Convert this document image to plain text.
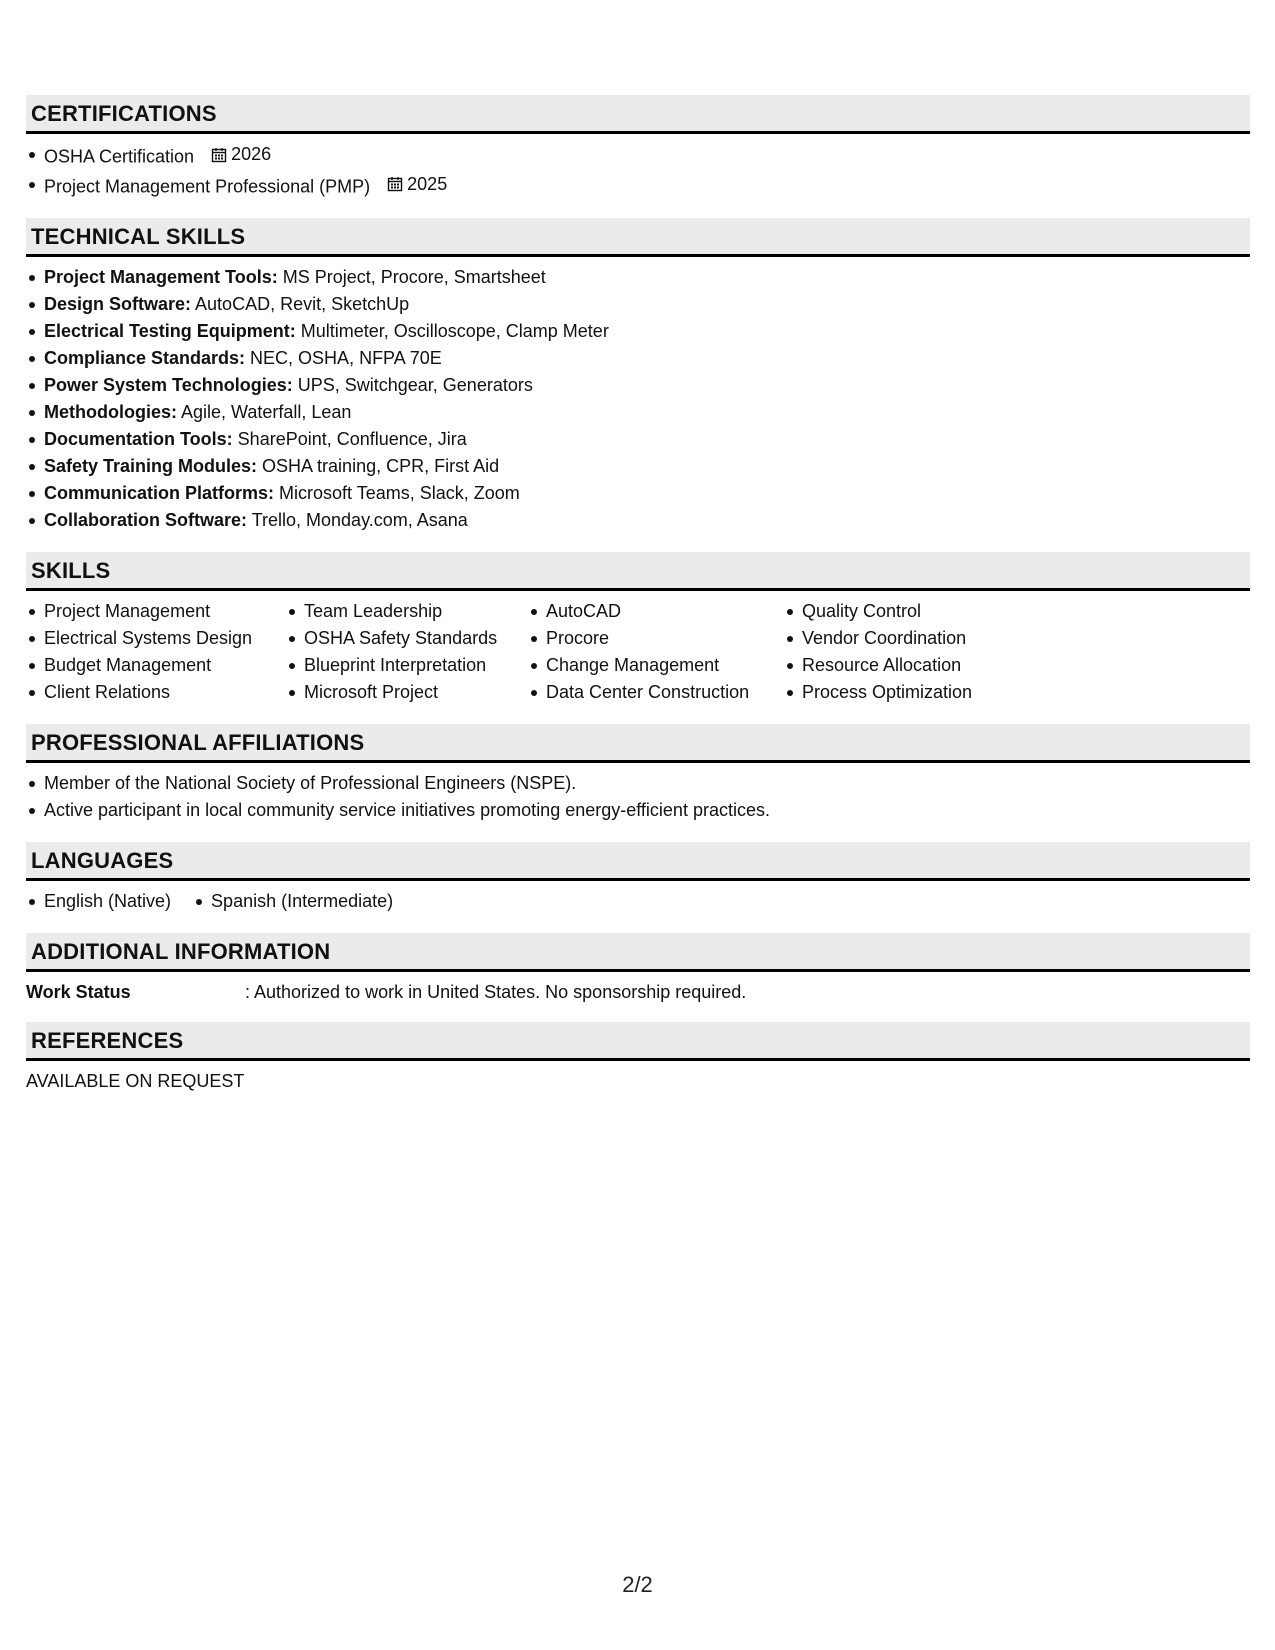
CERTIFICATIONS
OSHA Certification 2026
Project Management Professional (PMP) 2025
TECHNICAL SKILLS
Project Management Tools: MS Project, Procore, Smartsheet
Design Software: AutoCAD, Revit, SketchUp
Electrical Testing Equipment: Multimeter, Oscilloscope, Clamp Meter
Compliance Standards: NEC, OSHA, NFPA 70E
Power System Technologies: UPS, Switchgear, Generators
Methodologies: Agile, Waterfall, Lean
Documentation Tools: SharePoint, Confluence, Jira
Safety Training Modules: OSHA training, CPR, First Aid
Communication Platforms: Microsoft Teams, Slack, Zoom
Collaboration Software: Trello, Monday.com, Asana
SKILLS
Project Management
Electrical Systems Design
Budget Management
Client Relations
Team Leadership
OSHA Safety Standards
Blueprint Interpretation
Microsoft Project
AutoCAD
Procore
Change Management
Data Center Construction
Quality Control
Vendor Coordination
Resource Allocation
Process Optimization
PROFESSIONAL AFFILIATIONS
Member of the National Society of Professional Engineers (NSPE).
Active participant in local community service initiatives promoting energy-efficient practices.
LANGUAGES
English (Native)	Spanish (Intermediate)
ADDITIONAL INFORMATION
Work Status	: Authorized to work in United States. No sponsorship required.
REFERENCES
AVAILABLE ON REQUEST
2/2
